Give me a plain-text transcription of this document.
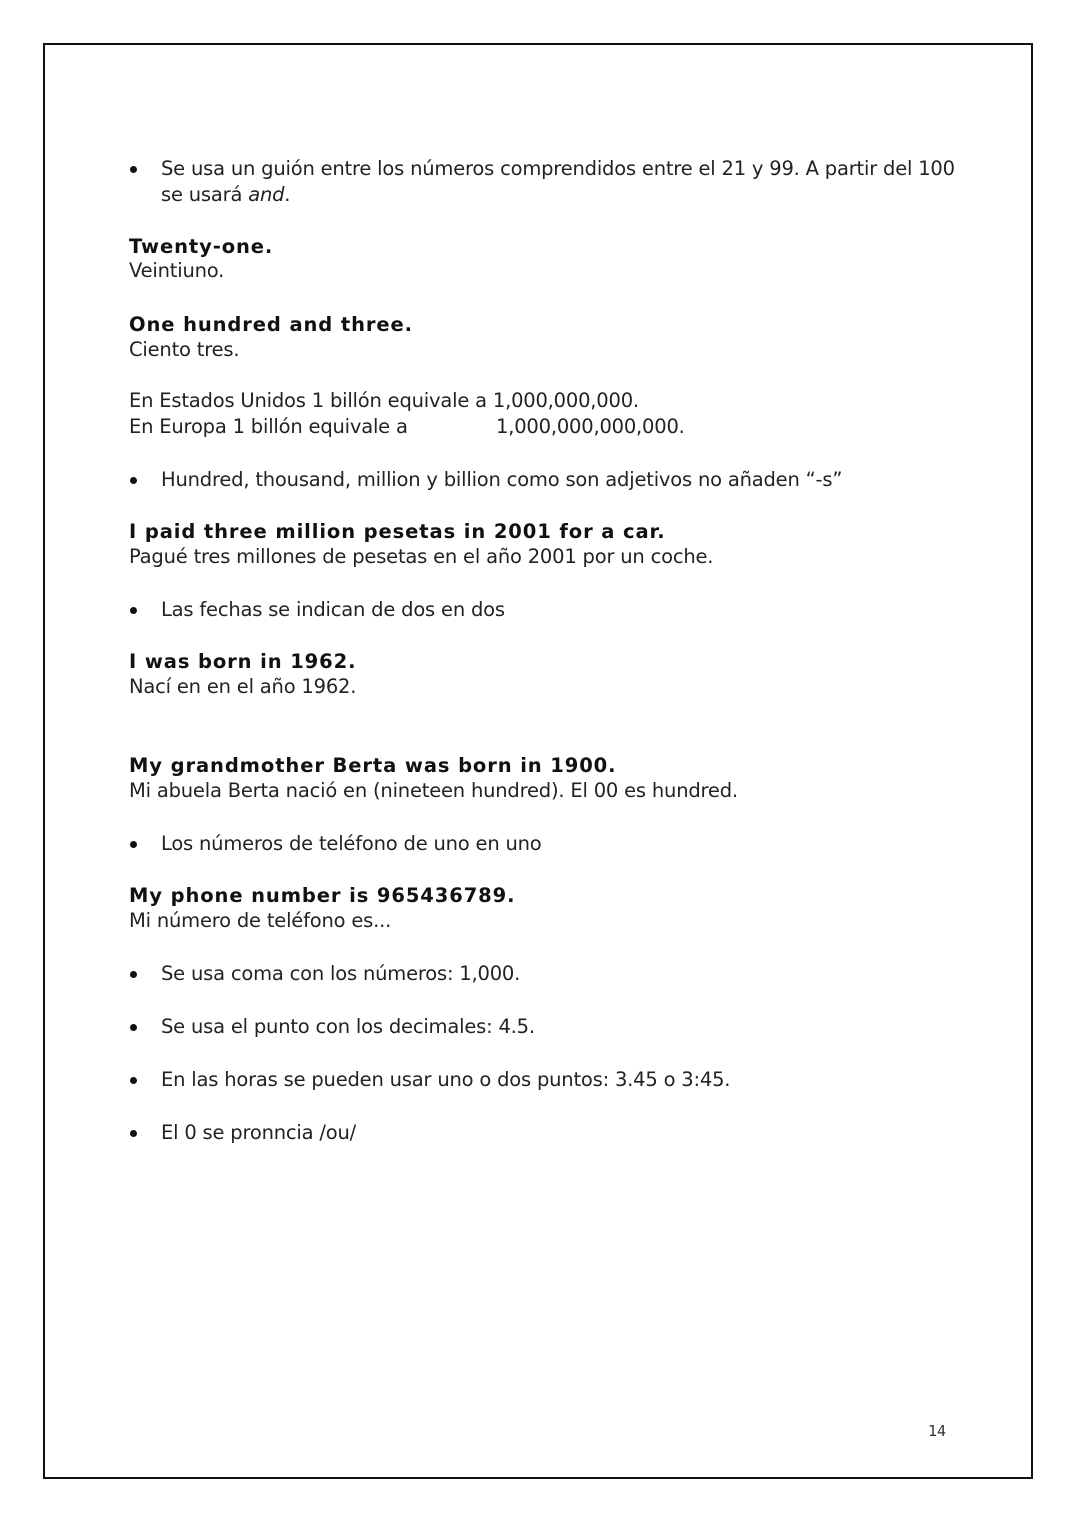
Se usa un guión entre los números comprendidos entre el 21 y 99. A partir del 100
se usará and.
Twenty-one.
Veintiuno.
One hundred and three.
Ciento tres.
En Estados Unidos 1 billón equivale a 1,000,000,000.
En Europa 1 billón equivale a	1,000,000,000,000.
Hundred, thousand, million y billion como son adjetivos no añaden “-s”
I paid three million pesetas in 2001 for a car.
Pagué tres millones de pesetas en el año 2001 por un coche.
Las fechas se indican de dos en dos
I was born in 1962.
Nací en en el año 1962.
My grandmother Berta was born in 1900.
Mi abuela Berta nació en (nineteen hundred). El 00 es hundred.
Los números de teléfono de uno en uno
My phone number is 965436789.
Mi número de teléfono es...
Se usa coma con los números: 1,000.
Se usa el punto con los decimales: 4.5.
En las horas se pueden usar uno o dos puntos: 3.45 o 3:45.
El 0 se pronncia /ou/
14
